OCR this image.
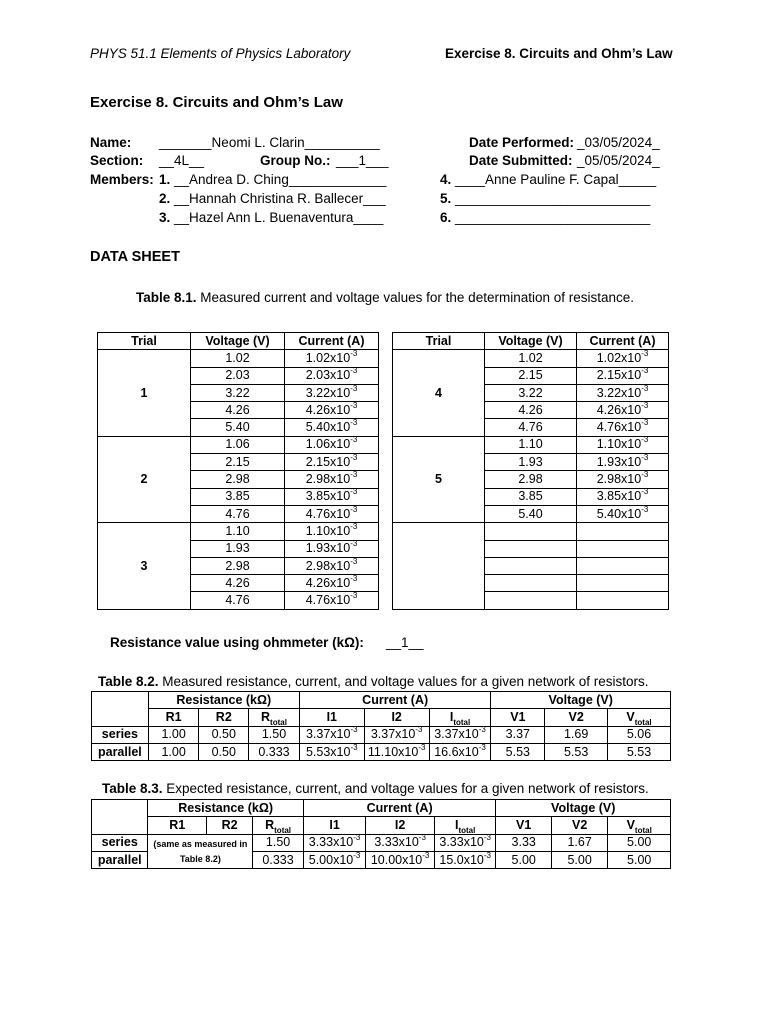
PHYS 51.1 Elements of Physics Laboratory	Exercise 8. Circuits and Ohm’s Law
Exercise 8. Circuits and Ohm’s Law
Name: _______Neomi L. Clarin__________
Section: __4L__	Group No.: ___1___
Members: 1. __Andrea D. Ching_____________
2. __Hannah Christina R. Ballecer___
3. __Hazel Ann L. Buenaventura____
Date Performed: _03/05/2024_
Date Submitted: _05/05/2024_
4. ____Anne Pauline F. Capal_____
5. __________________________
6. __________________________
DATA SHEET
Table 8.1. Measured current and voltage values for the determination of resistance.
Trial	Voltage (V)	Current (A)
1	1.02	$1.02x10^{-3}$
	2.03	$2.03x10^{-3}$
	3.22	$3.22x10^{-3}$
	4.26	$4.26x10^{-3}$
	5.40	$5.40x10^{-3}$
2	1.06	$1.06x10^{-3}$
	2.15	$2.15x10^{-3}$
	2.98	$2.98x10^{-3}$
	3.85	$3.85x10^{-3}$
	4.76	$4.76x10^{-3}$
3	1.10	$1.10x10^{-3}$
	1.93	$1.93x10^{-3}$
	2.98	$2.98x10^{-3}$
	4.26	$4.26x10^{-3}$
	4.76	$4.76x10^{-3}$
Trial	Voltage (V)	Current (A)
4	1.02	$1.02x10^{-3}$
	2.15	$2.15x10^{-3}$
	3.22	$3.22x10^{-3}$
	4.26	$4.26x10^{-3}$
	4.76	$4.76x10^{-3}$
5	1.10	$1.10x10^{-3}$
	1.93	$1.93x10^{-3}$
	2.98	$2.98x10^{-3}$
	3.85	$3.85x10^{-3}$
	5.40	$5.40x10^{-3}$

Resistance value using ohmmeter (kΩ): __1__
Table 8.2. Measured resistance, current, and voltage values for a given network of resistors.
	Resistance (kΩ)			Current (A)			Voltage (V)		
	R1	R2	$R_{total}$	I1	I2	$I_{total}$	V1	V2	$V_{total}$
series	1.00	0.50	1.50	$3.37x10^{-3}$	$3.37x10^{-3}$	$3.37x10^{-3}$	3.37	1.69	5.06
parallel	1.00	0.50	0.333	$5.53x10^{-3}$	$11.10x10^{-3}$	$16.6x10^{-3}$	5.53	5.53	5.53
Table 8.3. Expected resistance, current, and voltage values for a given network of resistors.
	Resistance (kΩ)			Current (A)			Voltage (V)		
	R1	R2	$R_{total}$	I1	I2	$I_{total}$	V1	V2	$V_{total}$
series	(same as measured in Table 8.2)		1.50	$3.33x10^{-3}$	$3.33x10^{-3}$	$3.33x10^{-3}$	3.33	1.67	5.00
parallel			0.333	$5.00x10^{-3}$	$10.00x10^{-3}$	$15.0x10^{-3}$	5.00	5.00	5.00
